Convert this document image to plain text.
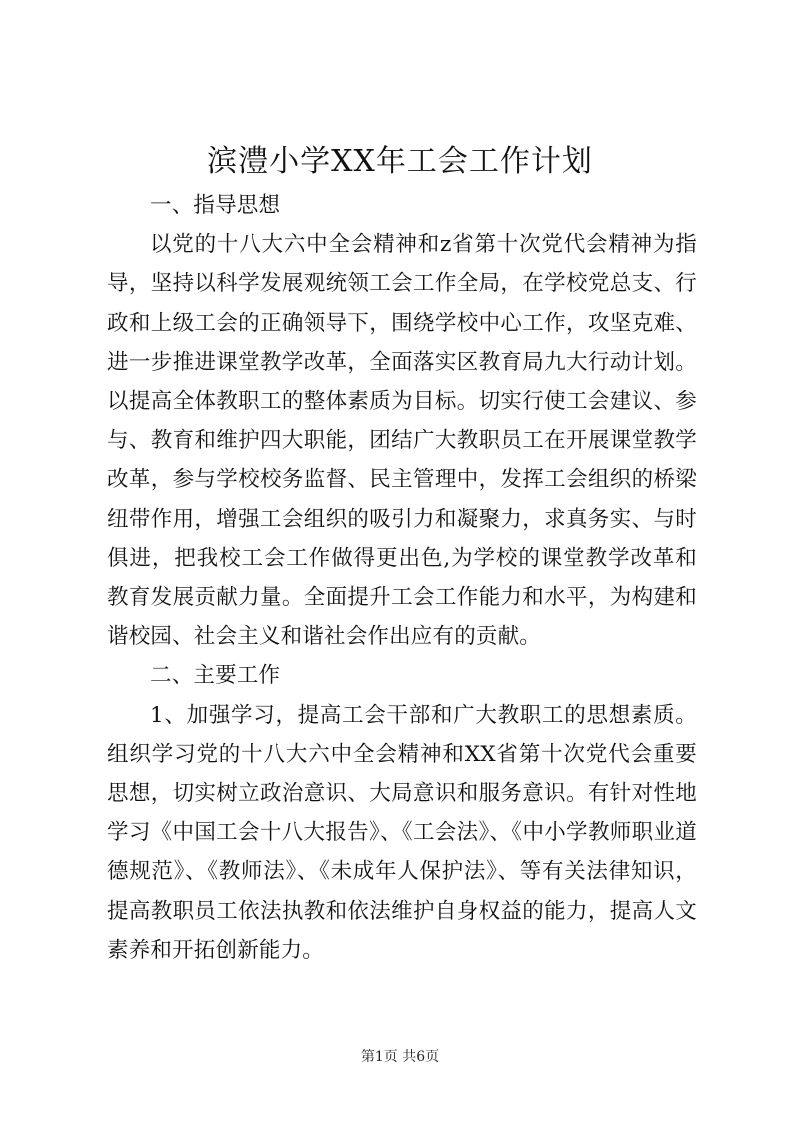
滨澧小学XX年工会工作计划

一、指导思想

以党的十八大六中全会精神和z省第十次党代会精神为指导，坚持以科学发展观统领工会工作全局，在学校党总支、行政和上级工会的正确领导下，围绕学校中心工作，攻坚克难、进一步推进课堂教学改革，全面落实区教育局九大行动计划。以提高全体教职工的整体素质为目标。切实行使工会建议、参与、教育和维护四大职能，团结广大教职员工在开展课堂教学改革，参与学校校务监督、民主管理中，发挥工会组织的桥梁纽带作用，增强工会组织的吸引力和凝聚力，求真务实、与时俱进，把我校工会工作做得更出色,为学校的课堂教学改革和教育发展贡献力量。全面提升工会工作能力和水平，为构建和谐校园、社会主义和谐社会作出应有的贡献。

二、主要工作

1、加强学习，提高工会干部和广大教职工的思想素质。组织学习党的十八大六中全会精神和XX省第十次党代会重要思想，切实树立政治意识、大局意识和服务意识。有针对性地学习《中国工会十八大报告》、《工会法》、《中小学教师职业道德规范》、《教师法》、《未成年人保护法》、等有关法律知识，提高教职员工依法执教和依法维护自身权益的能力，提高人文素养和开拓创新能力。

第1页 共6页
